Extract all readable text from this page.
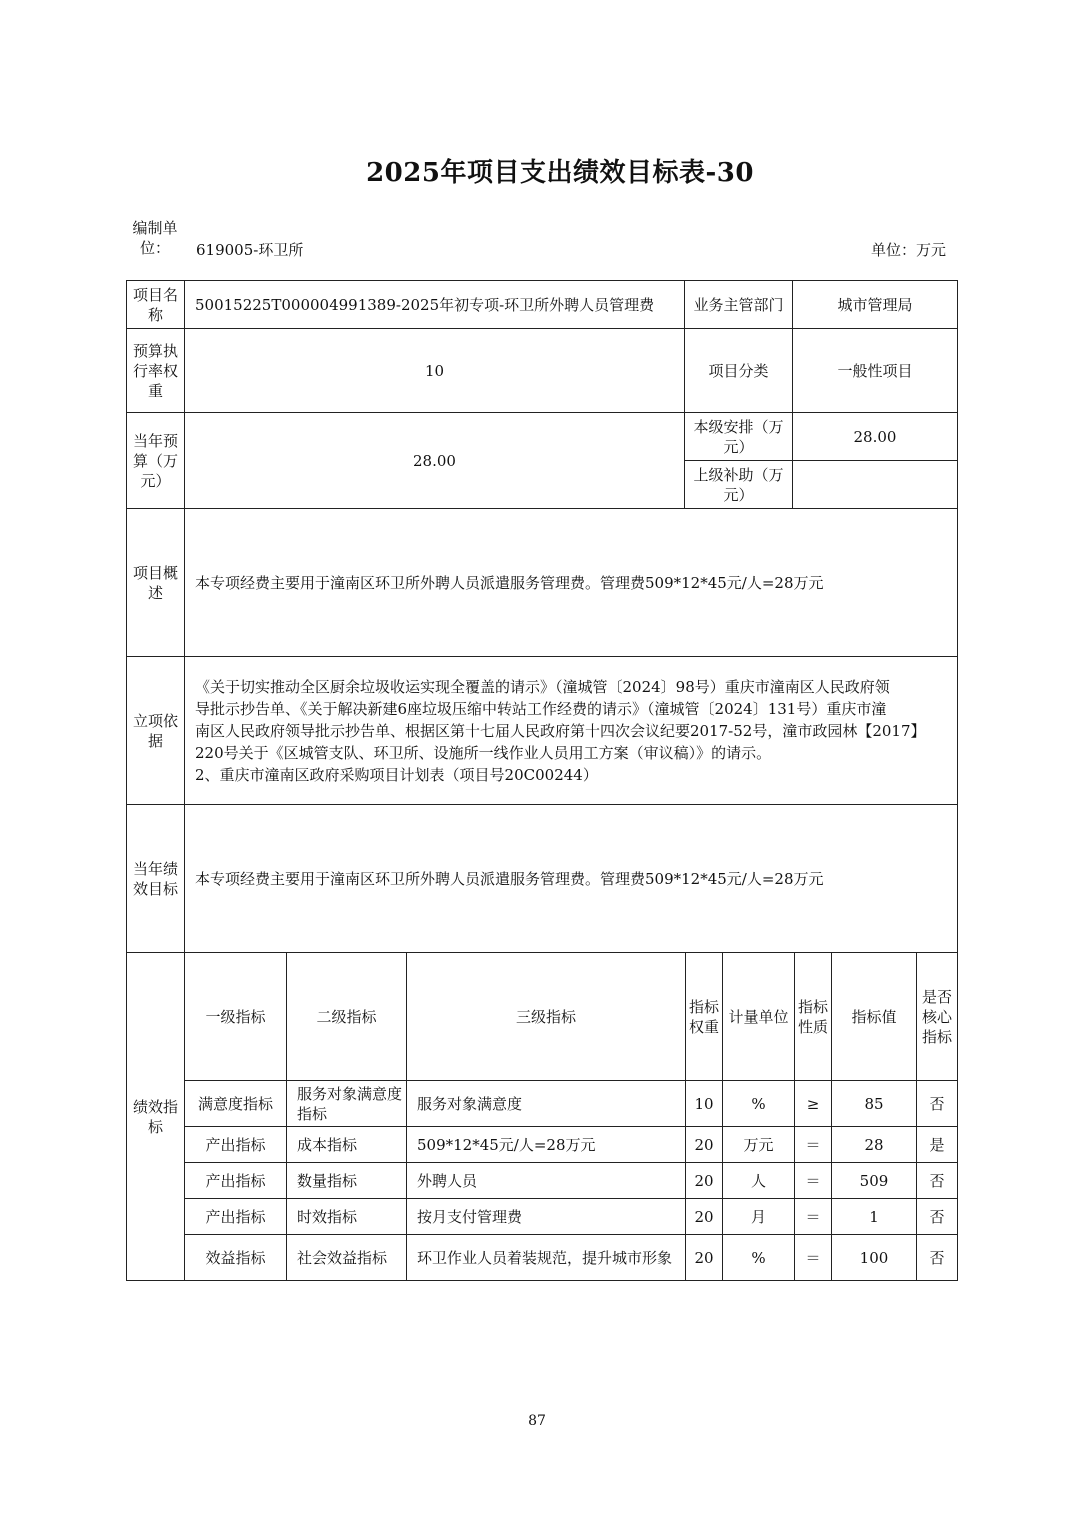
2025年项目支出绩效目标表-30
编制单位：	619005-环卫所	单位：万元
项目名称	50015225T000004991389-2025年初专项-环卫所外聘人员管理费	业务主管部门	城市管理局
预算执行率权重	10	项目分类	一般性项目
当年预算（万元）	28.00	本级安排（万元）	28.00
		上级补助（万元）	
项目概述	本专项经费主要用于潼南区环卫所外聘人员派遣服务管理费。管理费509*12*45元/人=28万元		
立项依据	《关于切实推动全区厨余垃圾收运实现全覆盖的请示》（潼城管〔2024〕98号）重庆市潼南区人民政府领
导批示抄告单、《关于解决新建6座垃圾压缩中转站工作经费的请示》（潼城管〔2024〕131号）重庆市潼
南区人民政府领导批示抄告单、根据区第十七届人民政府第十四次会议纪要2017-52号，潼市政园林【2017】
220号关于《区城管支队、环卫所、设施所一线作业人员用工方案（审议稿）》的请示。
2、重庆市潼南区政府采购项目计划表（项目号20C00244）		

当年绩效目标	本专项经费主要用于潼南区环卫所外聘人员派遣服务管理费。管理费509*12*45元/人=28万元		
绩效指标	一级指标	二级指标	三级指标	指标权重	计量单位	指标性质	指标值	是否核心指标
	满意度指标	服务对象满意度指标	服务对象满意度	10	%	≥	85	否
	产出指标	成本指标	509*12*45元/人=28万元	20	万元	＝	28	是
	产出指标	数量指标	外聘人员	20	人	＝	509	否
	产出指标	时效指标	按月支付管理费	20	月	＝	1	否
	效益指标	社会效益指标	环卫作业人员着装规范，提升城市形象	20	%	＝	100	否
87
